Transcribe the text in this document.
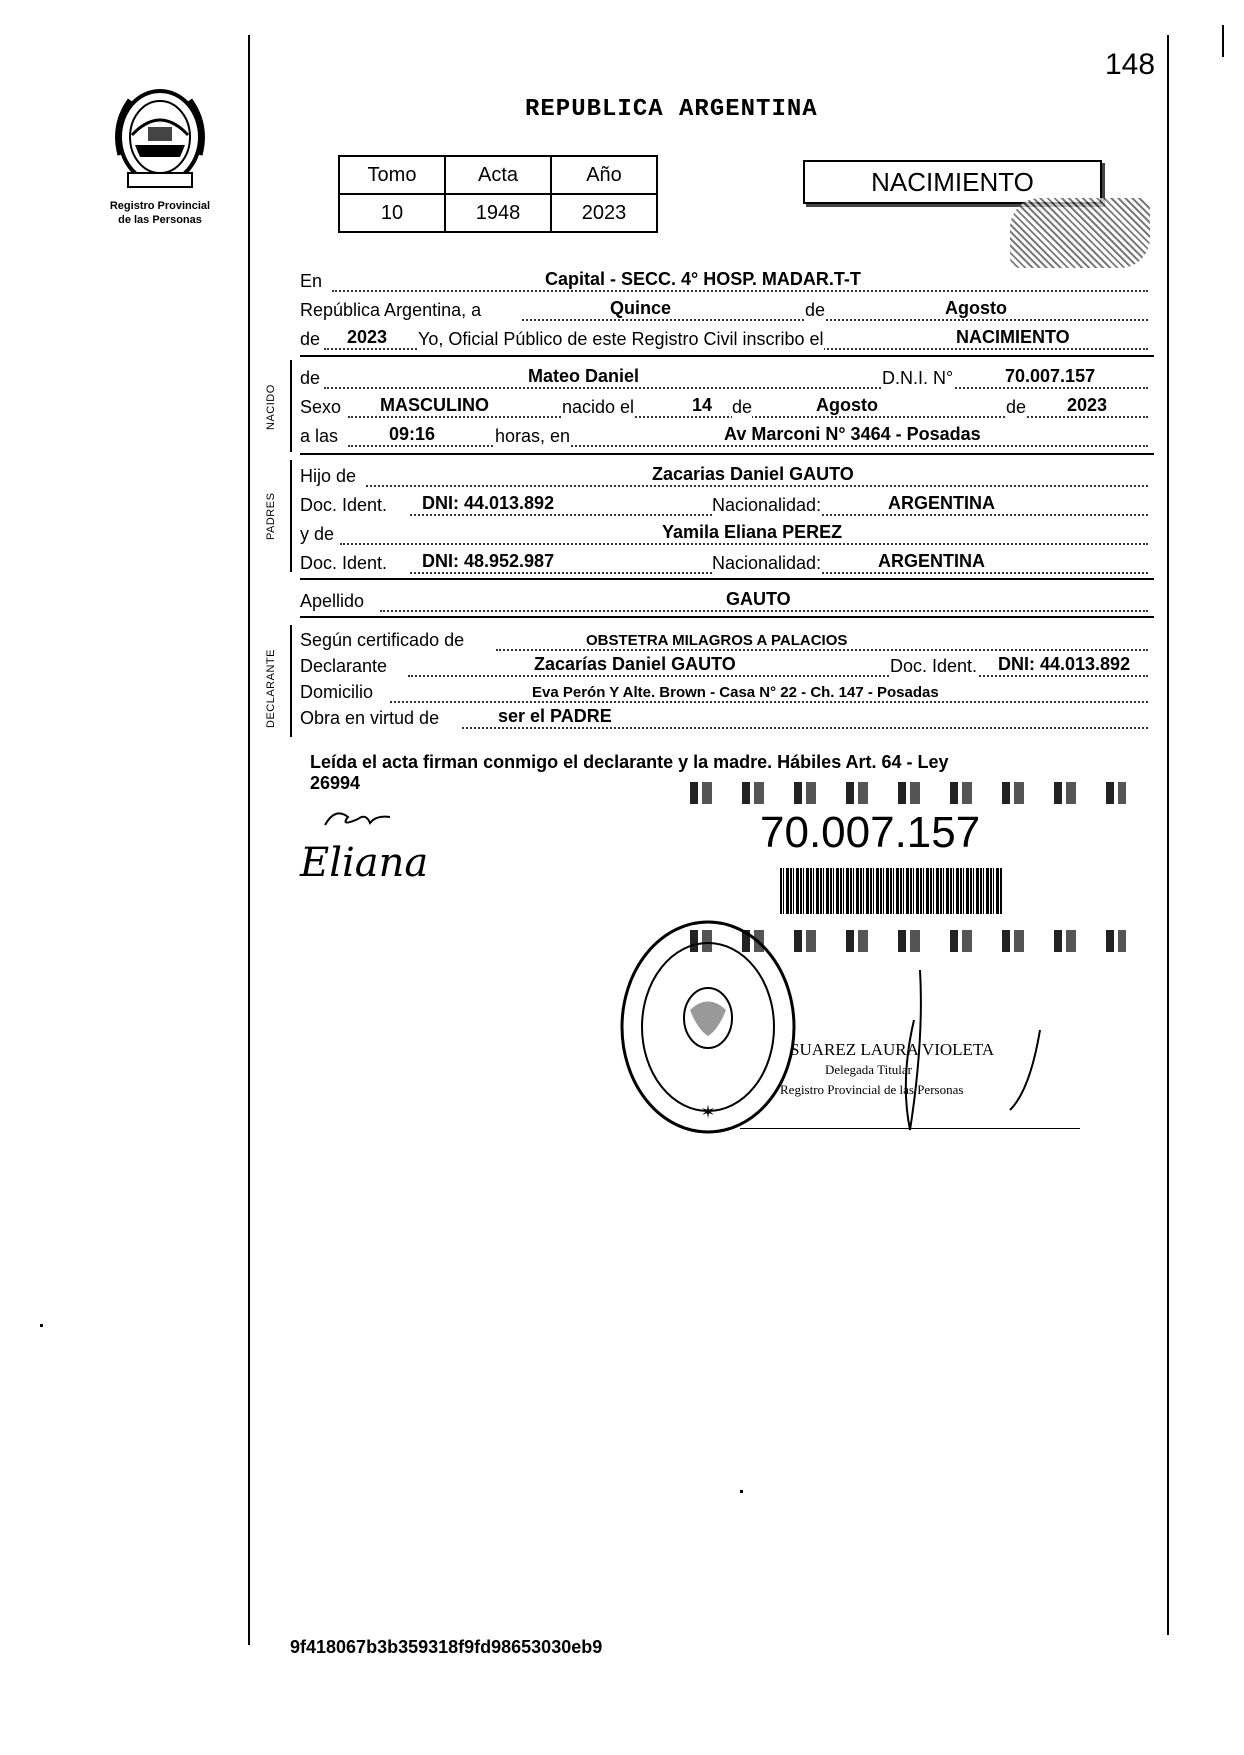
148
Registro Provincial
de las Personas
REPUBLICA ARGENTINA
Tomo	Acta	Año
10	1948	2023
NACIMIENTO
En	Capital - SECC. 4° HOSP. MADAR.T-T
República Argentina, a	Quince	de	Agosto
de 2023 Yo, Oficial Público de este Registro Civil inscribo el	NACIMIENTO
NACIDO
de	Mateo Daniel	D.N.I. N°	70.007.157
Sexo MASCULINO	nacido el	14 de	Agosto	de 2023
a las	09:16	horas, en	Av Marconi N° 3464 - Posadas
PADRES
Hijo de	Zacarias Daniel GAUTO
Doc. Ident. DNI: 44.013.892	Nacionalidad:	ARGENTINA
y de	Yamila Eliana PEREZ
Doc. Ident. DNI: 48.952.987	Nacionalidad:	ARGENTINA
Apellido	GAUTO
DECLARANTE
Según certificado de	OBSTETRA MILAGROS A PALACIOS
Declarante	Zacarías Daniel GAUTO	Doc. Ident. DNI: 44.013.892
Domicilio	Eva Perón Y Alte. Brown - Casa N° 22 - Ch. 147 - Posadas
Obra en virtud de	ser el PADRE
Leída el acta firman conmigo el declarante y la madre. Hábiles Art. 64 - Ley
26994
70.007.157
Eliana
✶
SUAREZ LAURA VIOLETA
Delegada Titular
Registro Provincial de las Personas
9f418067b3b359318f9fd98653030eb9
